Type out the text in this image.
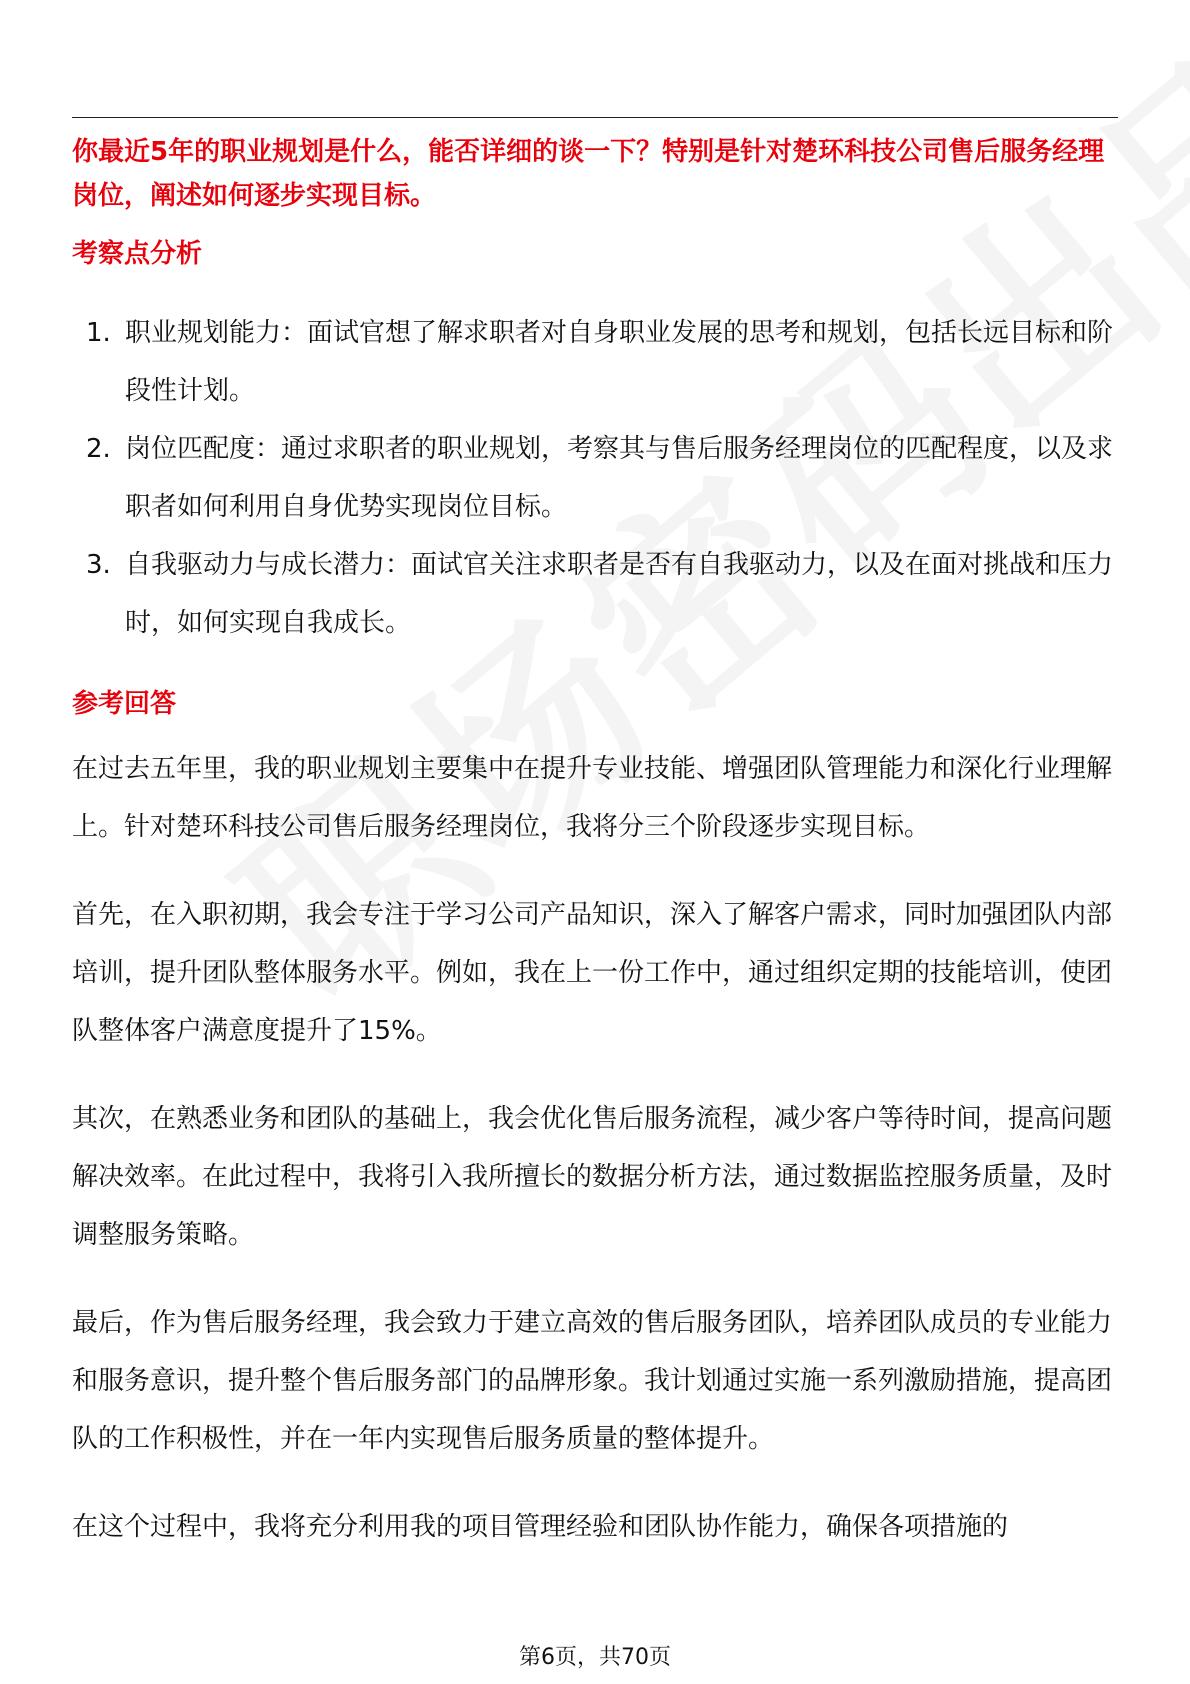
你最近5年的职业规划是什么，能否详细的谈一下？特别是针对楚环科技公司售后服务经理岗位，阐述如何逐步实现目标。

考察点分析
1. 职业规划能力：面试官想了解求职者对自身职业发展的思考和规划，包括长远目标和阶段性计划。
2. 岗位匹配度：通过求职者的职业规划，考察其与售后服务经理岗位的匹配程度，以及求职者如何利用自身优势实现岗位目标。
3. 自我驱动力与成长潜力：面试官关注求职者是否有自我驱动力，以及在面对挑战和压力时，如何实现自我成长。
参考回答

在过去五年里，我的职业规划主要集中在提升专业技能、增强团队管理能力和深化行业理解上。针对楚环科技公司售后服务经理岗位，我将分三个阶段逐步实现目标。

首先，在入职初期，我会专注于学习公司产品知识，深入了解客户需求，同时加强团队内部培训，提升团队整体服务水平。例如，我在上一份工作中，通过组织定期的技能培训，使团队整体客户满意度提升了15%。

其次，在熟悉业务和团队的基础上，我会优化售后服务流程，减少客户等待时间，提高问题解决效率。在此过程中，我将引入我所擅长的数据分析方法，通过数据监控服务质量，及时调整服务策略。

最后，作为售后服务经理，我会致力于建立高效的售后服务团队，培养团队成员的专业能力和服务意识，提升整个售后服务部门的品牌形象。我计划通过实施一系列激励措施，提高团队的工作积极性，并在一年内实现售后服务质量的整体提升。

在这个过程中，我将充分利用我的项目管理经验和团队协作能力，确保各项措施的

第6页，共70页
